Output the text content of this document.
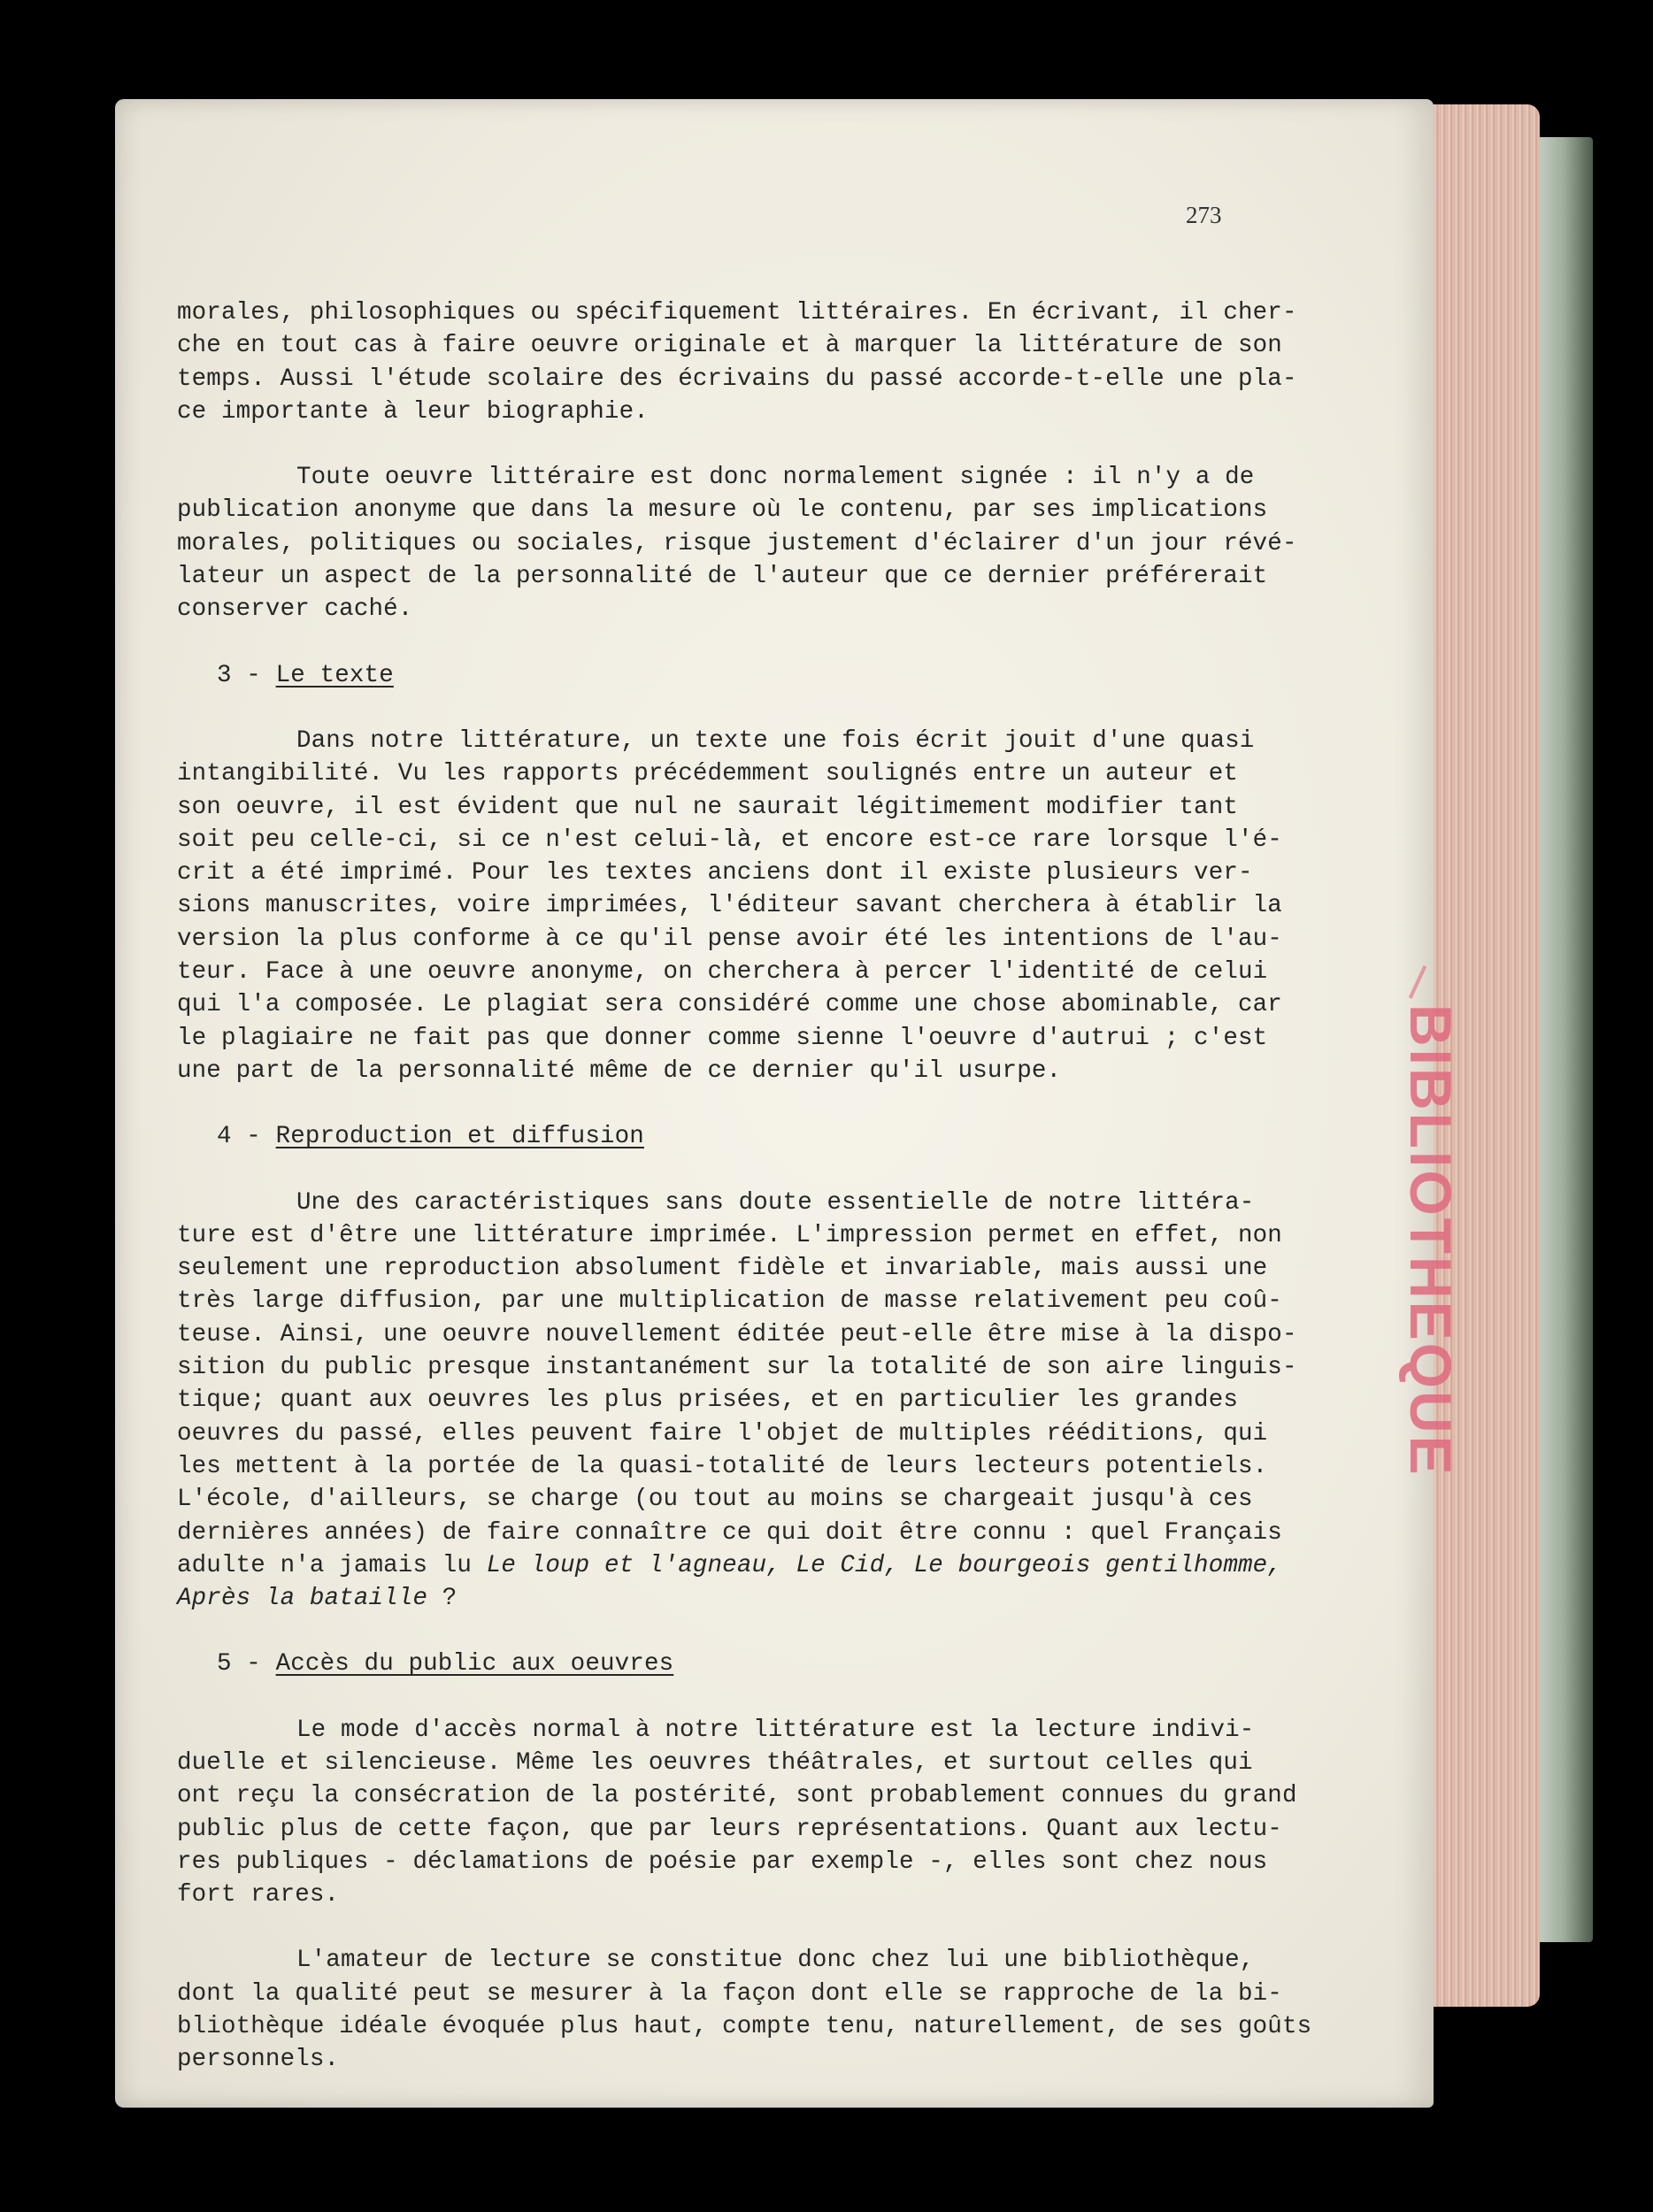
273

morales, philosophiques ou spécifiquement littéraires. En écrivant, il cher-

che en tout cas à faire oeuvre originale et à marquer la littérature de son

temps. Aussi l'étude scolaire des écrivains du passé accorde-t-elle une pla-

ce importante à leur biographie.

Toute oeuvre littéraire est donc normalement signée : il n'y a de

publication anonyme que dans la mesure où le contenu, par ses implications

morales, politiques ou sociales, risque justement d'éclairer d'un jour révé-

lateur un aspect de la personnalité de l'auteur que ce dernier préférerait

conserver caché.

3 - Le texte

Dans notre littérature, un texte une fois écrit jouit d'une quasi

intangibilité. Vu les rapports précédemment soulignés entre un auteur et

son oeuvre, il est évident que nul ne saurait légitimement modifier tant

soit peu celle-ci, si ce n'est celui-là, et encore est-ce rare lorsque l'é-

crit a été imprimé. Pour les textes anciens dont il existe plusieurs ver-

sions manuscrites, voire imprimées, l'éditeur savant cherchera à établir la

version la plus conforme à ce qu'il pense avoir été les intentions de l'au-

teur. Face à une oeuvre anonyme, on cherchera à percer l'identité de celui

qui l'a composée. Le plagiat sera considéré comme une chose abominable, car

le plagiaire ne fait pas que donner comme sienne l'oeuvre d'autrui ; c'est

une part de la personnalité même de ce dernier qu'il usurpe.

4 - Reproduction et diffusion

Une des caractéristiques sans doute essentielle de notre littéra-

ture est d'être une littérature imprimée. L'impression permet en effet, non

seulement une reproduction absolument fidèle et invariable, mais aussi une

très large diffusion, par une multiplication de masse relativement peu coû-

teuse. Ainsi, une oeuvre nouvellement éditée peut-elle être mise à la dispo-

sition du public presque instantanément sur la totalité de son aire linguis-

tique; quant aux oeuvres les plus prisées, et en particulier les grandes

oeuvres du passé, elles peuvent faire l'objet de multiples rééditions, qui

les mettent à la portée de la quasi-totalité de leurs lecteurs potentiels.

L'école, d'ailleurs, se charge (ou tout au moins se chargeait jusqu'à ces

dernières années) de faire connaître ce qui doit être connu : quel Français

adulte n'a jamais lu Le loup et l'agneau, Le Cid, Le bourgeois gentilhomme,

Après la bataille ?

5 - Accès du public aux oeuvres

Le mode d'accès normal à notre littérature est la lecture indivi-

duelle et silencieuse. Même les oeuvres théâtrales, et surtout celles qui

ont reçu la consécration de la postérité, sont probablement connues du grand

public plus de cette façon, que par leurs représentations. Quant aux lectu-

res publiques - déclamations de poésie par exemple -, elles sont chez nous

fort rares.

L'amateur de lecture se constitue donc chez lui une bibliothèque,

dont la qualité peut se mesurer à la façon dont elle se rapproche de la bi-

bliothèque idéale évoquée plus haut, compte tenu, naturellement, de ses goûts

personnels.

BIBLIOTHEQUE
